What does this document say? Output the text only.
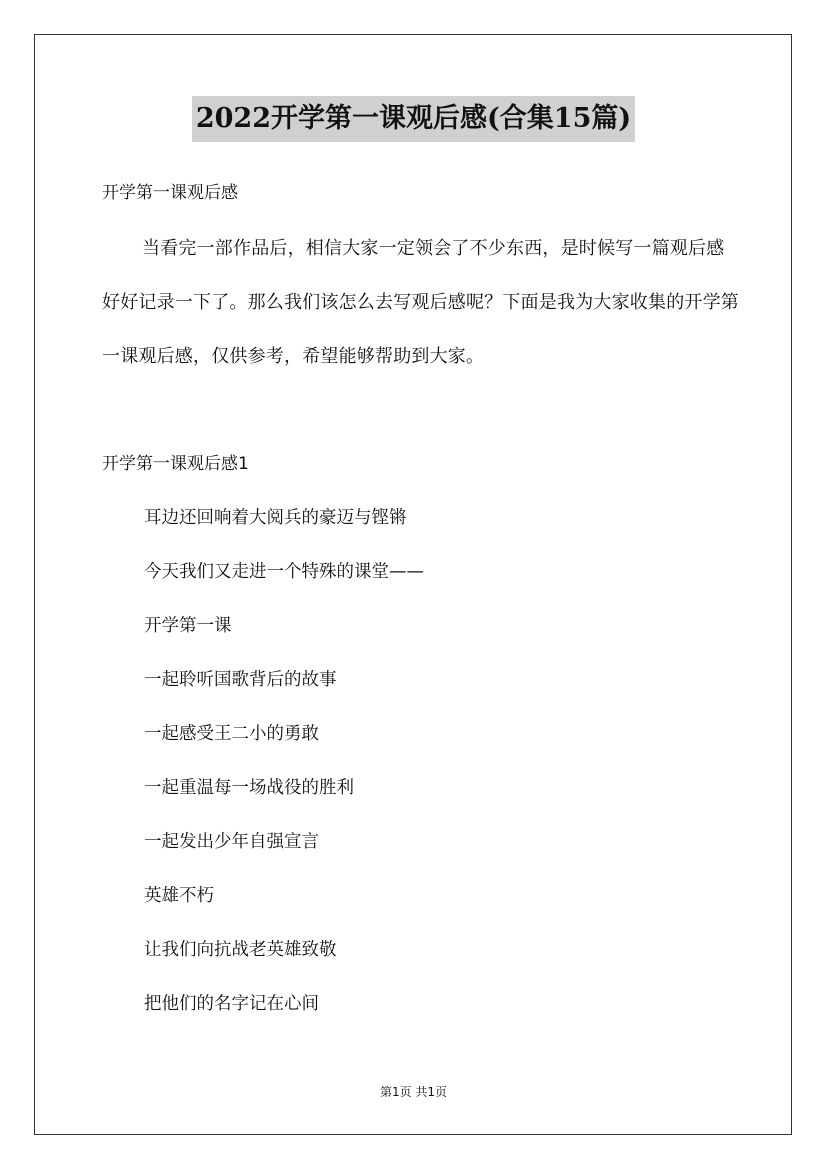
2022开学第一课观后感(合集15篇)
开学第一课观后感

当看完一部作品后，相信大家一定领会了不少东西，是时候写一篇观后感好好记录一下了。那么我们该怎么去写观后感呢？下面是我为大家收集的开学第一课观后感，仅供参考，希望能够帮助到大家。

开学第一课观后感1
耳边还回响着大阅兵的豪迈与铿锵
今天我们又走进一个特殊的课堂——
开学第一课
一起聆听国歌背后的故事
一起感受王二小的勇敢
一起重温每一场战役的胜利
一起发出少年自强宣言
英雄不朽
让我们向抗战老英雄致敬
把他们的名字记在心间
第1页 共1页
